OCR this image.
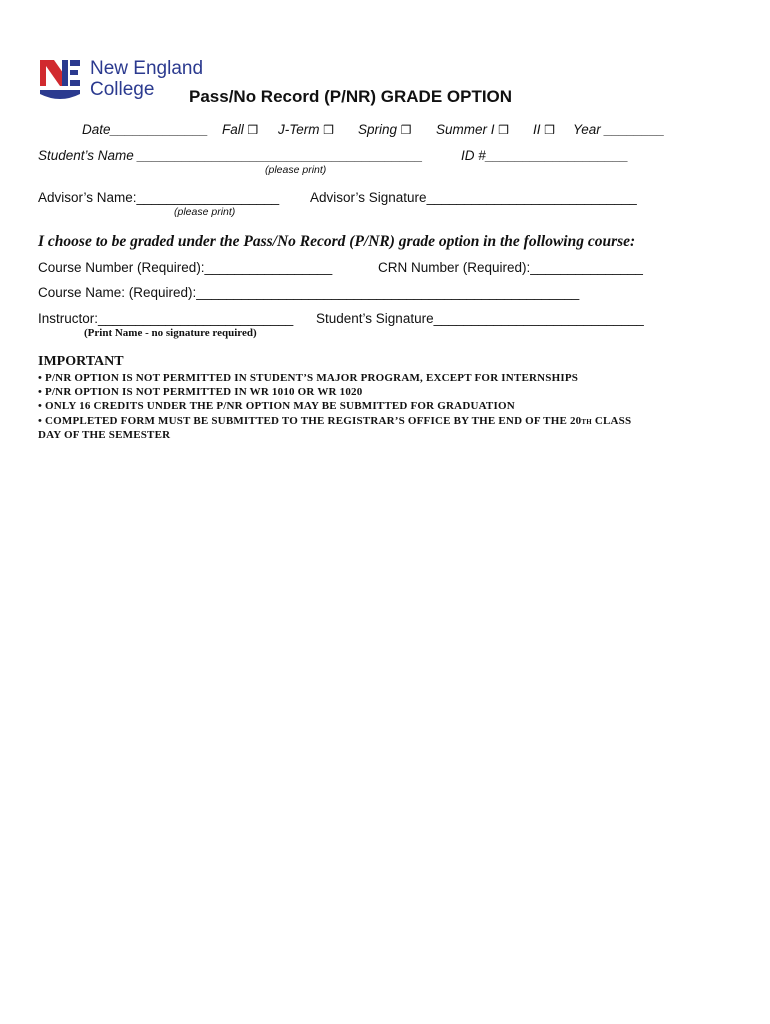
New England
College	Pass/No Record (P/NR) GRADE OPTION
Date_____________ Fall ❒ J-Term ❒ Spring ❒ Summer I ❒ II ❒ Year ________
Student’s Name ______________________________________	ID #___________________
(please print)
Advisor’s Name:___________________ Advisor’s Signature____________________________
(please print)
I choose to be graded under the Pass/No Record (P/NR) grade option in the following course:
Course Number (Required):_________________	CRN Number (Required):_______________
Course Name: (Required):___________________________________________________
Instructor:__________________________ Student’s Signature____________________________
(Print Name - no signature required)
IMPORTANT
• P/NR OPTION IS NOT PERMITTED IN STUDENT’S MAJOR PROGRAM, EXCEPT FOR INTERNSHIPS
• P/NR OPTION IS NOT PERMITTED IN WR 1010 OR WR 1020
• ONLY 16 CREDITS UNDER THE P/NR OPTION MAY BE SUBMITTED FOR GRADUATION
• COMPLETED FORM MUST BE SUBMITTED TO THE REGISTRAR’S OFFICE BY THE END OF THE 20TH CLASS
DAY OF THE SEMESTER
